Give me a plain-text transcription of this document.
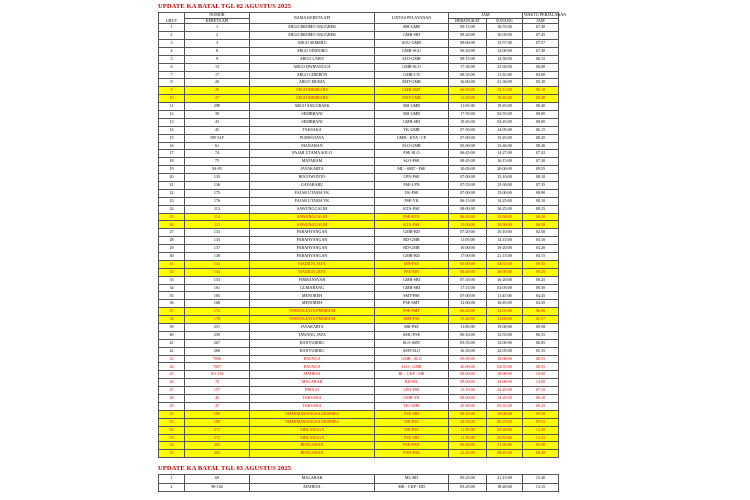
UPDATE KA BATAL TGL 02 AGUSTUS 2025
URUT	NOMOR	NAMA KERETA API	LINTAS PELAYANAN	JAM		WAKTU PERJALANAN
	KERETA API			BERANGKAT	DATANG	JAM
1	1	ARGO BROMO ANGGREK	SBI-GMR	09:15:00	16:55:00	07.40
2	2	ARGO BROMO ANGGREK	GMR-SBI	08:20:00	16:05:00	07.45
3	3	ARGO SEMERU	SGU-GMR	08:00:00	15:57:00	07.57
4	8	ARGO SINDORO	GMR-SGU	06:20:00	14:00:00	07.40
5	9	ARGO LAWU	SLO-GMR	08:15:00	14:30:00	06.15
6	13	ARGO DWIPANGGA	GMR-SLO	17:30:00	23:30:00	06.00
7	17	ARGO CIREBON	GMR-CN	08:35:00	11:35:00	03.00
8	20	ARGO MURIA	SMT-GMR	16:00:00	21:30:00	05.30
9	26	ARGO MERBABU	GMR-SMT	06:05:00	12:15:00	06.10
10	27	ARGO MERBABU	SMT-GMR	14:05:00	19:45:00	05.40
11	29F	ARGO ANGGRAEK	SBI-GMR	11:05:00	19:45:00	08.40
12	39	SEMBRANI	SBI-GMR	17:55:00	02:55:00	09.00
13	43	SEMBRANI	GMR-SBI	19:45:00	04:45:00	09.00
14	45	TAKSAKA	YK-GMR	07:50:00	14:05:00	06.15
15	59F 61F	PURWOJAYA	GMR - KYA - CP	07:00:00	15:45:00	08.45
16	61	MANAHAN	SLO-GMR	05:00:00	13:46:00	08.46
17	74	FAJAR UTAMA SOLO	PSE-SLO	06:45:00	14:27:00	07.42
18	75	MATARAM	SLO-PSE	08:45:00	16:15:00	07.30
19	94-95	JAYAKARTA	ML - SMT - PSE	10:05:00	20:00:00	09.55
20	135	BOGOWONTO	LPN-PSE	07:00:00	15:10:00	08.10
21	136	GAYABARU	PSE-LPN	07:55:00	15:30:00	07.35
22	175	FAJAR UTAMA YK	YK-PSE	07:00:00	15:00:00	08.00
23	176	FAJAR UTAMA YK	PSE-YK	06:15:00	14:25:00	08.10
24	113	SAWUNGGALIH	KTA-PSE	08:00:00	16:25:00	08.25
25	114	SAWUNGGALIH	PSE-KTA	06:30:00	12:50:00	06.20
26	115	SAWUNGGALIH	KTA-PSE	15:00:00	19:50:00	06.50
27	133	PARAHYANGAN	GMR-BD	07:20:00	10:10:00	02.50
28	135	PARAHYANGAN	BD-GMR	11:05:00	14:15:00	03.10
29	137	PARAHYANGAN	BD-GMR	16:00:00	19:20:00	03.20
30	138	PARAHYANGAN	GMR-BD	17:00:00	21:15:00	04.15
31	143	MADIUN JAYA	MN-PSE	05:00:00	14:55:00	09.55
32	144	MADIUN JAYA	PSE-MN	06:40:00	16:05:00	09.25
33	153	FIRMANSYAH	GMR-SBI	07:35:00	16:20:00	08.45
34	161	GUMARANG	GMR-SBI	17:15:00	02:05:00	08.50
35	165	MENOREH	SMT-PSE	07:00:00	11:45:00	04.45
36	168	MENOREH	PSE-SMT	12:00:00	16:45:00	04.45
37	172	TAWANGJAYA PREMIUM	PSE-SMT	06:45:00	12:55:00	06.00
38	178	TAWANGJAYA PREMIUM	SMT-PSE	15:40:00	21:05:00	05.57
39	251	JAYAKARTA	SBI-PSE	11:00:00	19:00:00	09.58
40	259	TAWANG JAYA	SMC-PSE	06:10:00	12:55:00	06.55
41	267	BANYUBIRU	SLO-SMT	05:55:00	12:00:00	06.05
42	268	BANYUBIRU	SMT-SLO	16:30:00	22:05:00	05.35
43	7006	BATAVIA	GMR - SLO	09:05:00	18:00:00	08.55
44	7007	BATAVIA	SLO - GMR	20:00:00	04:55:00	08.55
45	101-102	MAHESA	BL - CKP - SBI	08:00:00	18:00:00	10.00
46	70	MALABAR	BD-ML	09:00:00	23:00:00	14.00
47	157	PROGO	LPN-PSE	15:10:00	22:45:00	07.35
48	46	TAKSAKA	GMR-YK	08:00:00	14:20:00	06.20
49	47	TAKSAKA	YK-GMR	20:30:00	02:55:00	06.25
50	188	DHARMAWANGSA EKSPRES	PSE-SBI	09:10:00	19:00:00	09.50
51	189	DHARMAWANGSA EKSPRES	SBI-PSE	20:30:00	06:25:00	09.55
52	271	AIRLANGGA	SBI-PSE	11:00:00	23:20:00	12.20
53	272	AIRLANGGA	PSE-SBI	11:30:00	23:55:00	12.25
54	283	BENGAWAN	PSE-PWT	06:30:00	11:30:00	05.00
55	284	BENGAWAN	PWS-PSE	22:45:00	08:45:00	08.49
UPDATE KA BATAL TGL 03 AGUSTUS 2025
1	69	MALABAR	ML-BD	05:25:00	21:15:00	15.40
2	98-102	MAHESA	SBI - CKP - BD	05:25:00	18:40:00	13.15
